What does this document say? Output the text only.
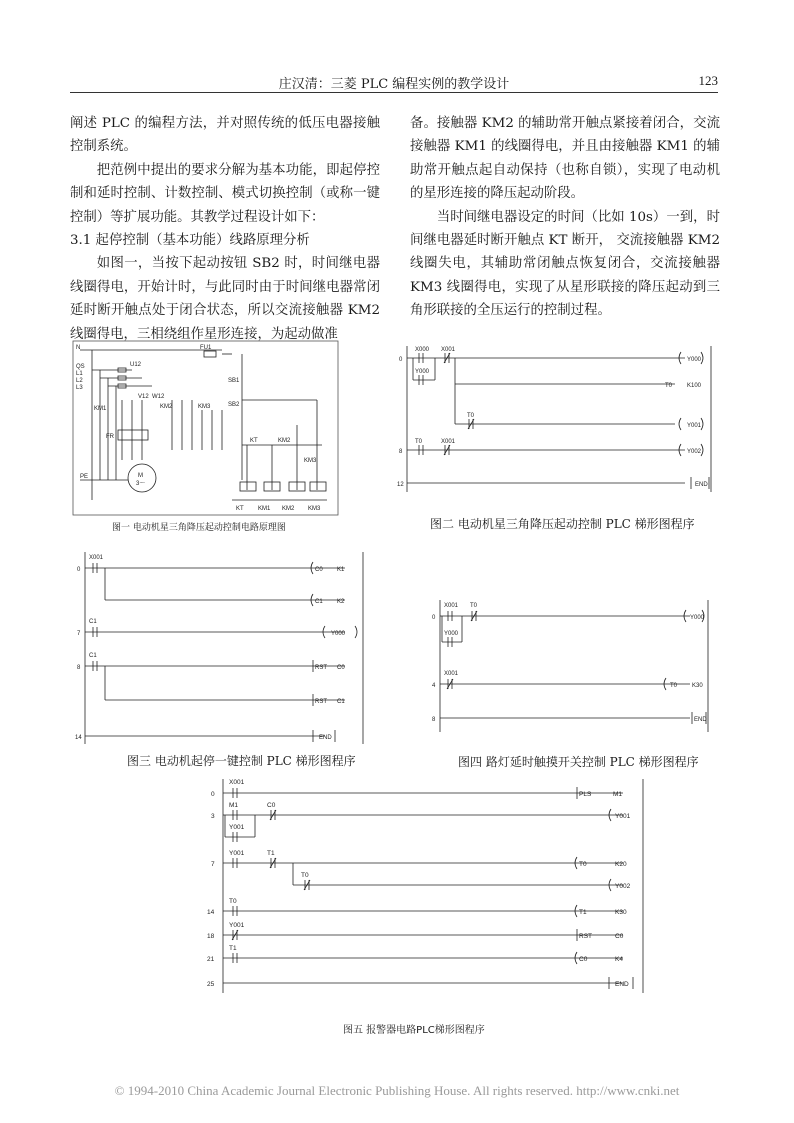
庄汉清：三菱 PLC 编程实例的教学设计	123

阐述 PLC 的编程方法，并对照传统的低压电器接触控制系统。

把范例中提出的要求分解为基本功能，即起停控制和延时控制、计数控制、模式切换控制（或称一键控制）等扩展功能。其教学过程设计如下：

3.1 起停控制（基本功能）线路原理分析

如图一，当按下起动按钮 SB2 时，时间继电器线圈得电，开始计时，与此同时由于时间继电器常闭延时断开触点处于闭合状态，所以交流接触器 KM2 线圈得电，三相绕组作星形连接，为起动做准

备。接触器 KM2 的辅助常开触点紧接着闭合，交流接触器 KM1 的线圈得电，并且由接触器 KM1 的辅助常开触点起自动保持（也称自锁），实现了电动机的星形连接的降压起动阶段。

当时间继电器设定的时间（比如 10s）一到，时间继电器延时断开触点 KT 断开， 交流接触器 KM2 线圈失电，其辅助常闭触点恢复闭合，交流接触器 KM3 线圈得电，实现了从星形联接的降压起动到三角形联接的全压运行的控制过程。

N
QS
L1
L2
L3
U12
V12 W12
KM1	KM2	KM3
FR
M
3～
PE
FU1
SB1
SB2
KT	KM2
KM3
KT KM1 KM2 KM3
图一 电动机星三角降压起动控制电路原理图
0
8
12
X000 X001
Y000
T0
T0	X001
Y000
T0 K100
Y001
Y002
END
图二 电动机星三角降压起动控制 PLC 梯形图程序
0
7
8
14
X001
C1
C1
C0 K1
C1 K2
Y000
RST C0
RST C1
END
图三 电动机起停一键控制 PLC 梯形图程序
0
4
8
X001 T0
Y000
X001
Y000
T0 K30
END
图四 路灯延时触摸开关控制 PLC 梯形图程序
0
3
7
14
18
21
25
X001
M1	C0
Y001
Y001	T1
T0
T0
Y001
T1
PLS	M1
Y001
T0	K20
Y002
T1	K30
RST	C0
C0	K4
END
图五 报警器电路PLC梯形图程序
© 1994-2010 China Academic Journal Electronic Publishing House. All rights reserved. http://www.cnki.net
